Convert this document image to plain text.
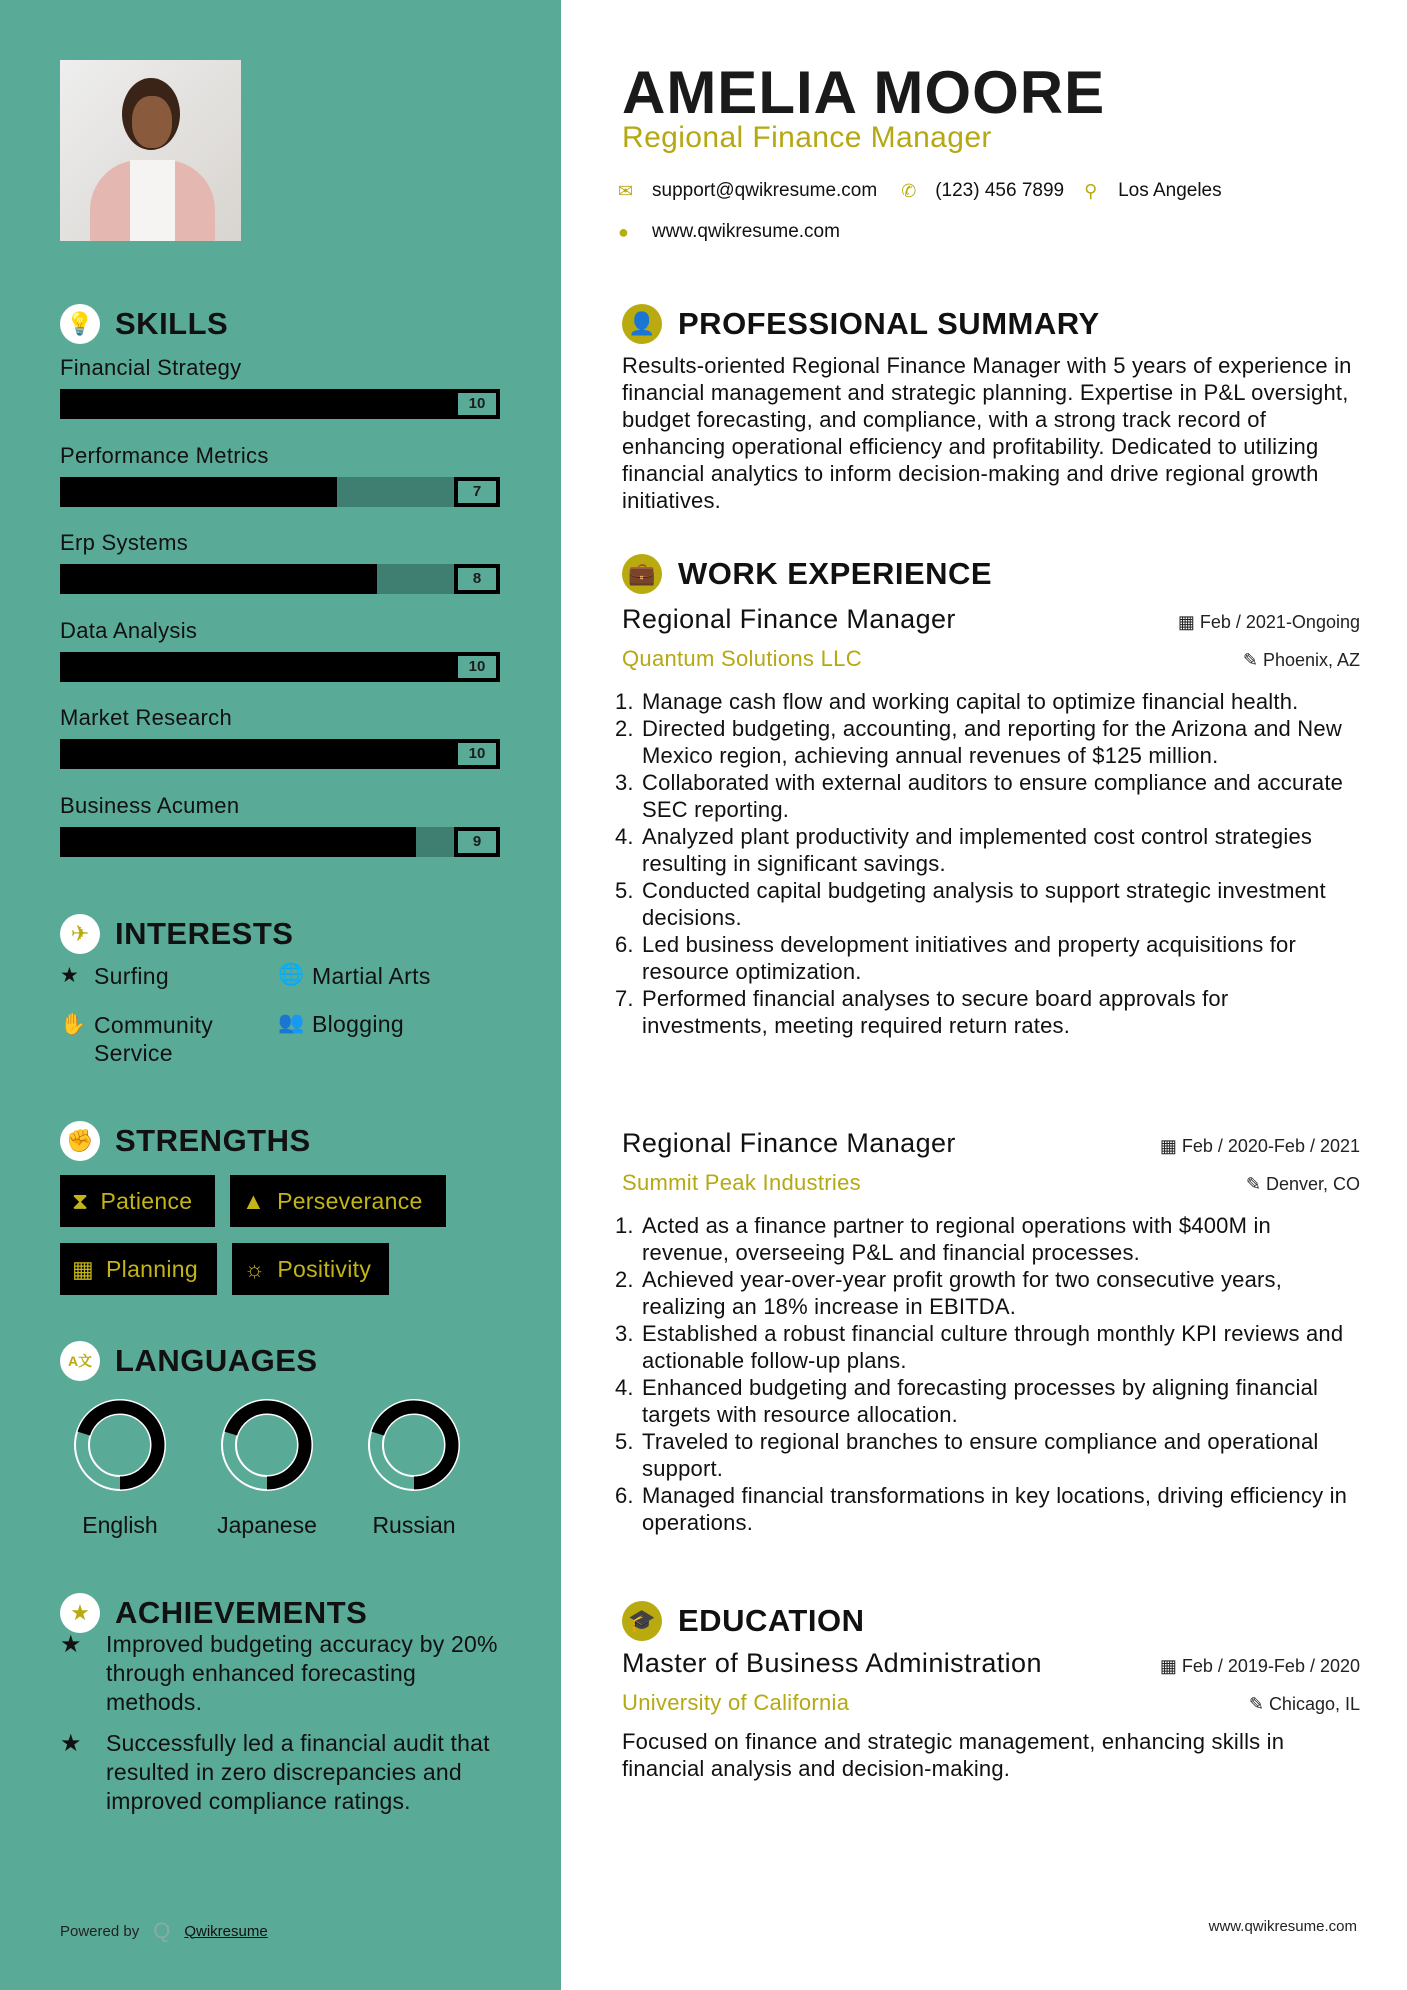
💡 SKILLS
Financial Strategy
10
Performance Metrics
7
Erp Systems
8
Data Analysis
10
Market Research
10
Business Acumen
9
✈ INTERESTS
★ Surfing	🌐 Martial Arts
✋ Community Service
👥 Blogging
✊ STRENGTHS
⧗ Patience ▲ Perseverance
▦ Planning ☼ Positivity
A文 LANGUAGES
English	Japanese	Russian
★ ACHIEVEMENTS
★	Improved budgeting accuracy by 20% through enhanced forecasting methods.
★	Successfully led a financial audit that resulted in zero discrepancies and improved compliance ratings.
Powered by Q Qwikresume
AMELIA MOORE
Regional Finance Manager
✉ support@qwikresume.com ✆ (123) 456 7899 ⚲	Los Angeles
●	www.qwikresume.com
👤 PROFESSIONAL SUMMARY

Results-oriented Regional Finance Manager with 5 years of experience in financial management and strategic planning. Expertise in P&L oversight, budget forecasting, and compliance, with a strong track record of enhancing operational efficiency and profitability. Dedicated to utilizing financial analytics to inform decision-making and drive regional growth initiatives.

💼 WORK EXPERIENCE
Regional Finance Manager	▦ Feb / 2021-Ongoing
Quantum Solutions LLC	✎ Phoenix, AZ
1. Manage cash flow and working capital to optimize financial health.
2. Directed budgeting, accounting, and reporting for the Arizona and New Mexico region, achieving annual revenues of $125 million.
3. Collaborated with external auditors to ensure compliance and accurate SEC reporting.
4. Analyzed plant productivity and implemented cost control strategies resulting in significant savings.
5. Conducted capital budgeting analysis to support strategic investment decisions.
6. Led business development initiatives and property acquisitions for resource optimization.
7. Performed financial analyses to secure board approvals for investments, meeting required return rates.
Regional Finance Manager	▦ Feb / 2020-Feb / 2021
Summit Peak Industries	✎ Denver, CO
1. Acted as a finance partner to regional operations with $400M in revenue, overseeing P&L and financial processes.
2. Achieved year-over-year profit growth for two consecutive years, realizing an 18% increase in EBITDA.
3. Established a robust financial culture through monthly KPI reviews and actionable follow-up plans.
4. Enhanced budgeting and forecasting processes by aligning financial targets with resource allocation.
5. Traveled to regional branches to ensure compliance and operational support.
6. Managed financial transformations in key locations, driving efficiency in operations.
🎓 EDUCATION
Master of Business Administration	▦ Feb / 2019-Feb / 2020
University of California	✎ Chicago, IL

Focused on finance and strategic management, enhancing skills in financial analysis and decision-making.

www.qwikresume.com
